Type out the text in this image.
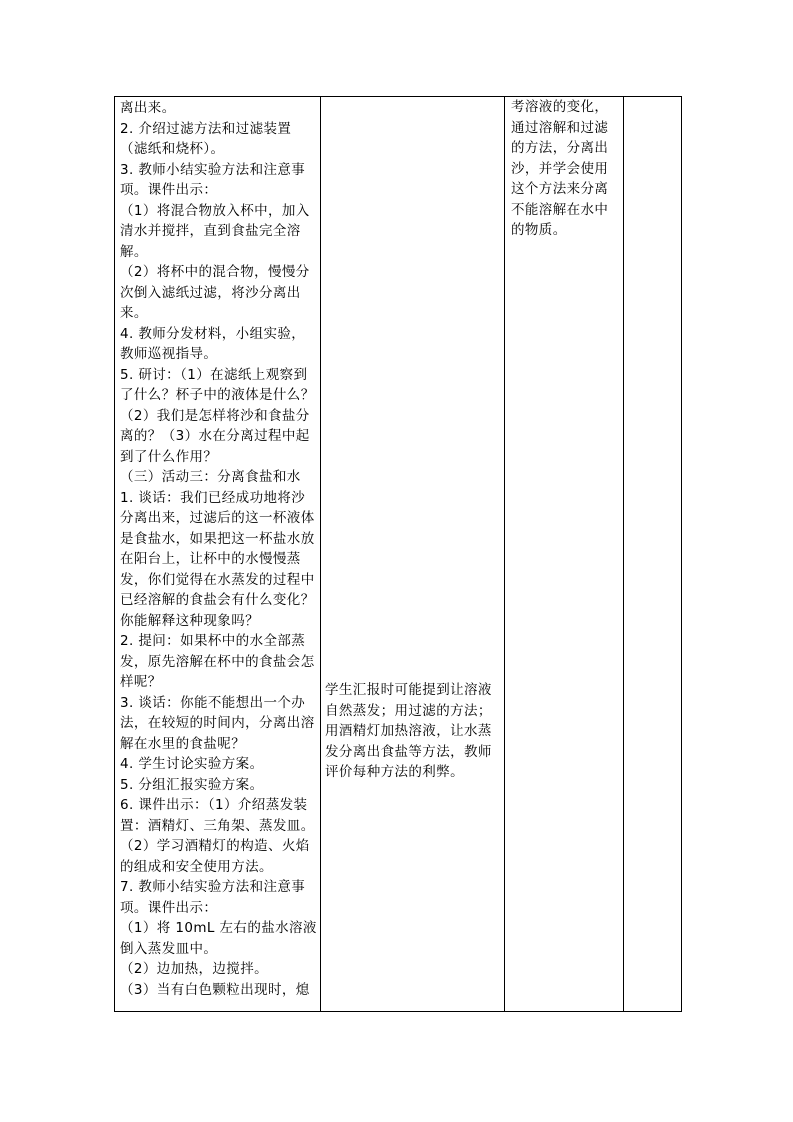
离出来。
2. 介绍过滤方法和过滤装置（滤纸和烧杯）。
3. 教师小结实验方法和注意事项。课件出示：
（1）将混合物放入杯中，加入清水并搅拌，直到食盐完全溶解。
（2）将杯中的混合物，慢慢分次倒入滤纸过滤，将沙分离出来。
4. 教师分发材料，小组实验，教师巡视指导。
5. 研讨：（1）在滤纸上观察到了什么？杯子中的液体是什么？（2）我们是怎样将沙和食盐分离的？（3）水在分离过程中起到了什么作用？
（三）活动三：分离食盐和水
1. 谈话：我们已经成功地将沙分离出来，过滤后的这一杯液体是食盐水，如果把这一杯盐水放在阳台上，让杯中的水慢慢蒸发，你们觉得在水蒸发的过程中已经溶解的食盐会有什么变化？你能解释这种现象吗？
2. 提问：如果杯中的水全部蒸发，原先溶解在杯中的食盐会怎样呢？
3. 谈话：你能不能想出一个办法，在较短的时间内，分离出溶解在水里的食盐呢？
4. 学生讨论实验方案。
5. 分组汇报实验方案。
6. 课件出示：（1）介绍蒸发装置：酒精灯、三角架、蒸发皿。（2）学习酒精灯的构造、火焰的组成和安全使用方法。
7. 教师小结实验方法和注意事项。课件出示：
（1）将 10mL 左右的盐水溶液倒入蒸发皿中。
（2）边加热，边搅拌。
（3）当有白色颗粒出现时，熄

学生汇报时可能提到让溶液自然蒸发；用过滤的方法；用酒精灯加热溶液，让水蒸发分离出食盐等方法，教师评价每种方法的利弊。

考溶液的变化，通过溶解和过滤的方法，分离出沙，并学会使用这个方法来分离不能溶解在水中的物质。
